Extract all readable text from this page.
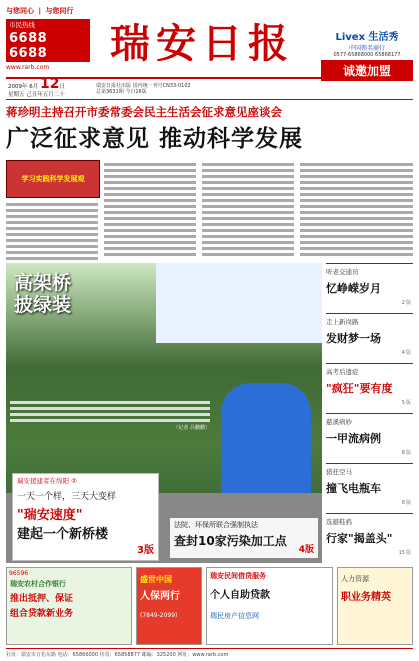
与您同心 | 与您同行
市民热线
6688 6688
www.rarb.com
瑞安日报	Livex 生活秀
中国领名商行
0577-65868000 65868177
诚邀加盟
2009年 6月 12日
星期五 己丑年五月二十
瑞安日报社出版 国内统一刊号CN33-0102
总第3631期 今日16版
蒋珍明主持召开市委常委会民主生活会征求意见座谈会
广泛征求意见 推动科学发展
学习实践科学发展观
高架桥披绿装
（记者 吕鹏鹏）
听老交通员
忆峥嵘岁月
2版
走上新岗路
发财梦一场
4版
高考后遗症
"疯狂"要有度
5版
慈溪病妙
一甲流病例
8版
猎狂空马
撞飞电瓶车
8版
选避鞋鸦
行家"揭盖头"
15版
瑞安援建者在绵阳 ②
一天一个样，三天大变样
"瑞安速度"
建起一个新桥楼
3版
法院、环保所联合强制执法
查封10家污染加工点
4版
96596
瑞安农村合作银行
推出抵押、保证
组合贷款新业务
盛世中国
人保两行
(7849-2099)
瑞安民间借贷服务
个人自助贷款
瑞民房产信息网
人力资源
职业务精英
社址：瑞安市万松东路 电话：65866000 传真：65858877 邮编：325200 网址：www.rarb.com
